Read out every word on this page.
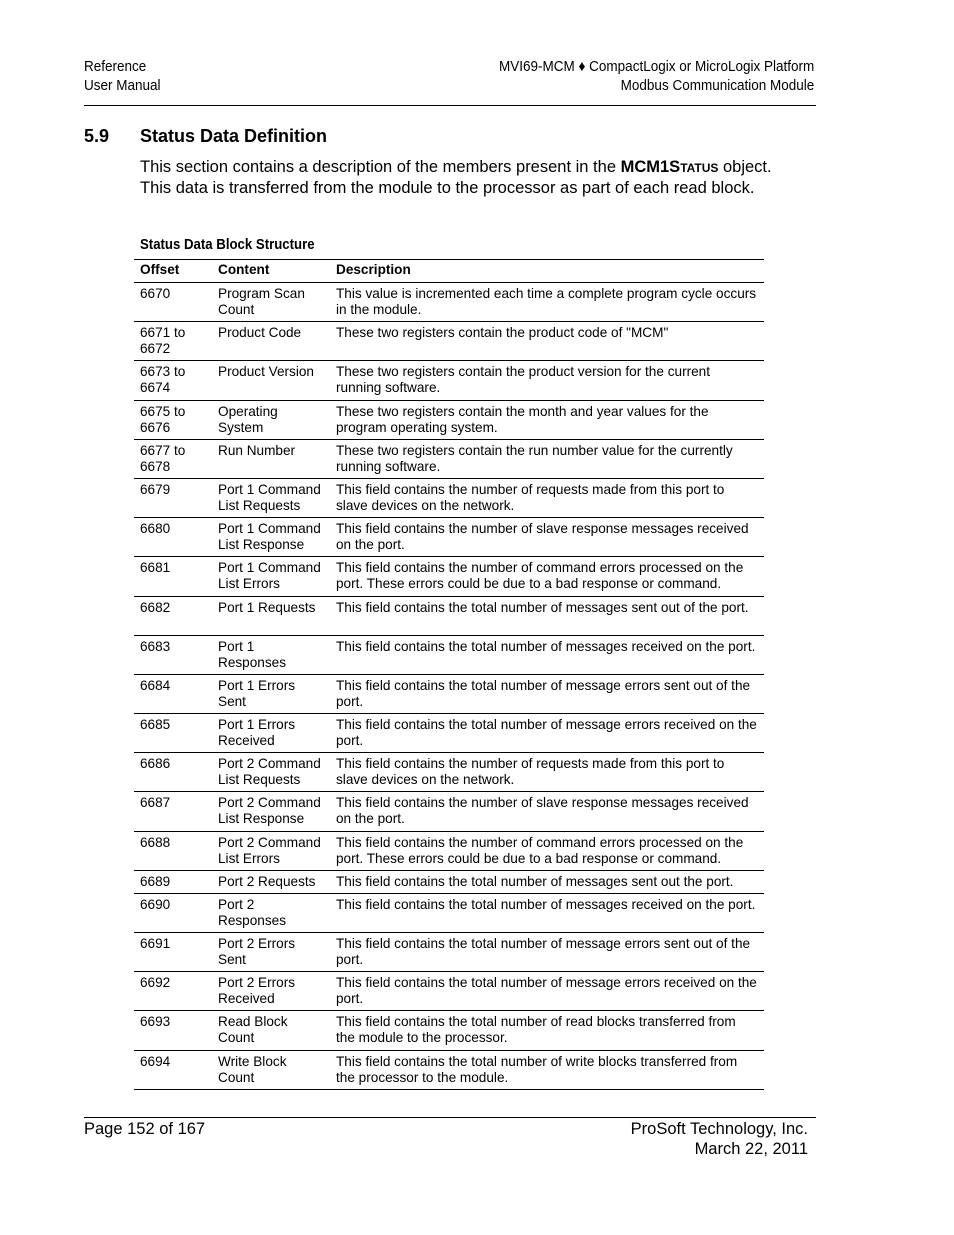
Reference
User Manual
MVI69-MCM ♦ CompactLogix or MicroLogix Platform
Modbus Communication Module
5.9 Status Data Definition
This section contains a description of the members present in the MCM1STATUS object. This data is transferred from the module to the processor as part of each read block.
Status Data Block Structure
Offset	Content	Description
6670	Program Scan Count	This value is incremented each time a complete program cycle occurs in the module.
6671 to 6672	Product Code	These two registers contain the product code of "MCM"
6673 to 6674	Product Version	These two registers contain the product version for the current running software.
6675 to 6676	Operating System	These two registers contain the month and year values for the program operating system.
6677 to 6678	Run Number	These two registers contain the run number value for the currently running software.
6679	Port 1 Command List Requests	This field contains the number of requests made from this port to slave devices on the network.
6680	Port 1 Command List Response	This field contains the number of slave response messages received on the port.
6681	Port 1 Command List Errors	This field contains the number of command errors processed on the port. These errors could be due to a bad response or command.
6682	Port 1 Requests	This field contains the total number of messages sent out of the port.
6683	Port 1 Responses	This field contains the total number of messages received on the port.
6684	Port 1 Errors Sent	This field contains the total number of message errors sent out of the port.
6685	Port 1 Errors Received	This field contains the total number of message errors received on the port.
6686	Port 2 Command List Requests	This field contains the number of requests made from this port to slave devices on the network.
6687	Port 2 Command List Response	This field contains the number of slave response messages received on the port.
6688	Port 2 Command List Errors	This field contains the number of command errors processed on the port. These errors could be due to a bad response or command.
6689	Port 2 Requests	This field contains the total number of messages sent out the port.
6690	Port 2 Responses	This field contains the total number of messages received on the port.
6691	Port 2 Errors Sent	This field contains the total number of message errors sent out of the port.
6692	Port 2 Errors Received	This field contains the total number of message errors received on the port.
6693	Read Block Count	This field contains the total number of read blocks transferred from the module to the processor.
6694	Write Block Count	This field contains the total number of write blocks transferred from the processor to the module.
Page 152 of 167	ProSoft Technology, Inc.
March 22, 2011
